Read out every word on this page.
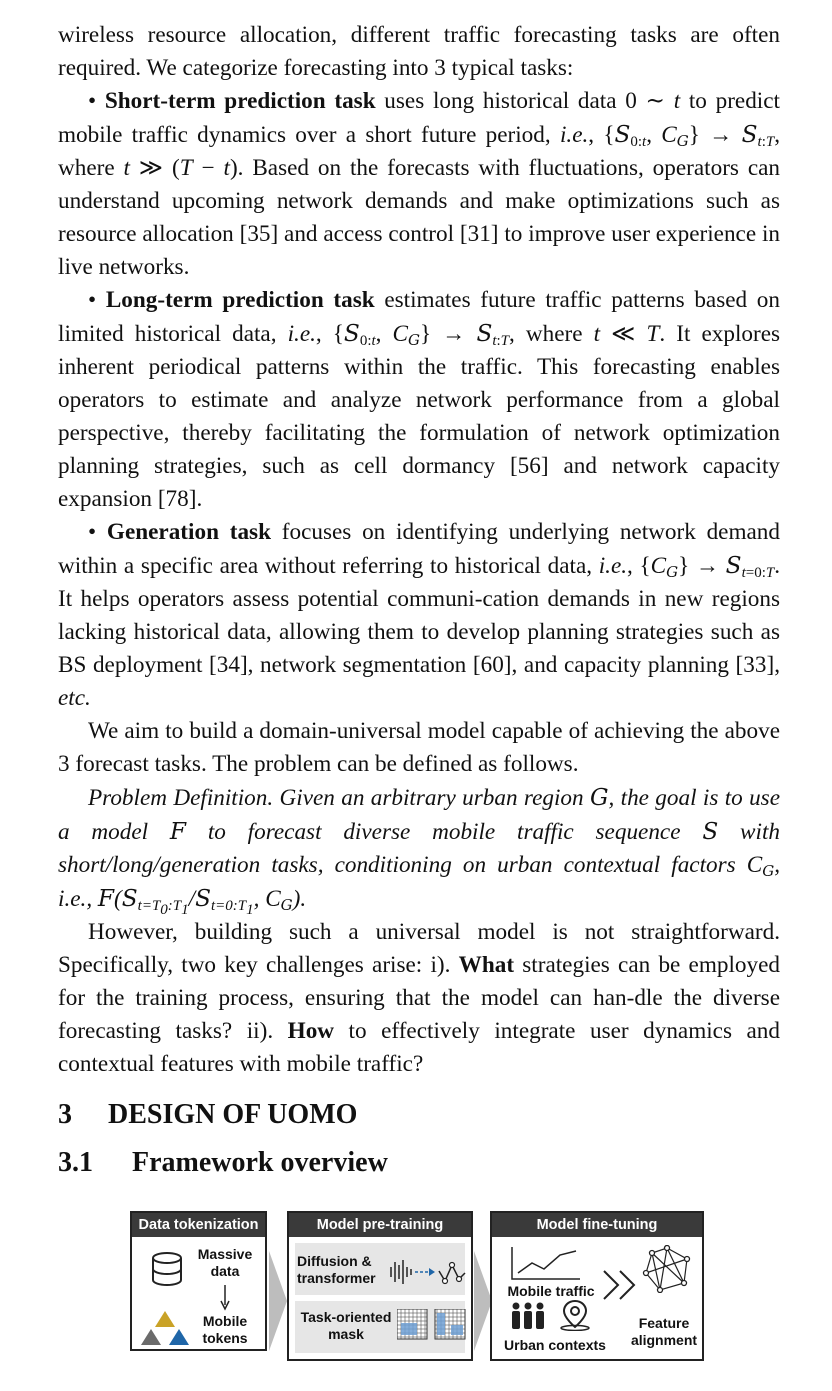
wireless resource allocation, different traffic forecasting tasks are often required. We categorize forecasting into 3 typical tasks:

• Short-term prediction task uses long historical data 0 ∼ t to predict mobile traffic dynamics over a short future period, i.e., {$S_{0:t}$, $C_G\} \to S_{t:T}$, where t ≫ (T − t). Based on the forecasts with fluctuations, operators can understand upcoming network demands and make optimizations such as resource allocation [35] and access control [31] to improve user experience in live networks.

• Long-term prediction task estimates future traffic patterns based on limited historical data, i.e., {$S_{0:t}$, $C_G\} \to S_{t:T}$, where t ≪ T. It explores inherent periodical patterns within the traffic. This forecasting enables operators to estimate and analyze network performance from a global perspective, thereby facilitating the formulation of network optimization planning strategies, such as cell dormancy [56] and network capacity expansion [78].

• Generation task focuses on identifying underlying network demand within a specific area without referring to historical data, i.e., $\{C_G\} \to S_{t=0:T}$. It helps operators assess potential communi-cation demands in new regions lacking historical data, allowing them to develop planning strategies such as BS deployment [34], network segmentation [60], and capacity planning [33], etc.

We aim to build a domain-universal model capable of achieving the above 3 forecast tasks. The problem can be defined as follows.

Problem Definition. Given an arbitrary urban region G, the goal is to use a model F to forecast diverse mobile traffic sequence S with short/long/generation tasks, conditioning on urban contextual factors $C_G$, i.e., $F(S_{t=T_0:T_1}/S_{t=0:T_1}$, $C_G$).

However, building such a universal model is not straightforward. Specifically, two key challenges arise: i). What strategies can be employed for the training process, ensuring that the model can han-dle the diverse forecasting tasks? ii). How to effectively integrate user dynamics and contextual features with mobile traffic?

3 DESIGN OF UOMO
3.1 Framework overview
Data tokenization
Massive data
Mobile tokens
Model pre-training
Diffusion & transformer
Task-oriented mask
Model fine-tuning
Mobile traffic
Urban contexts
Feature alignment
